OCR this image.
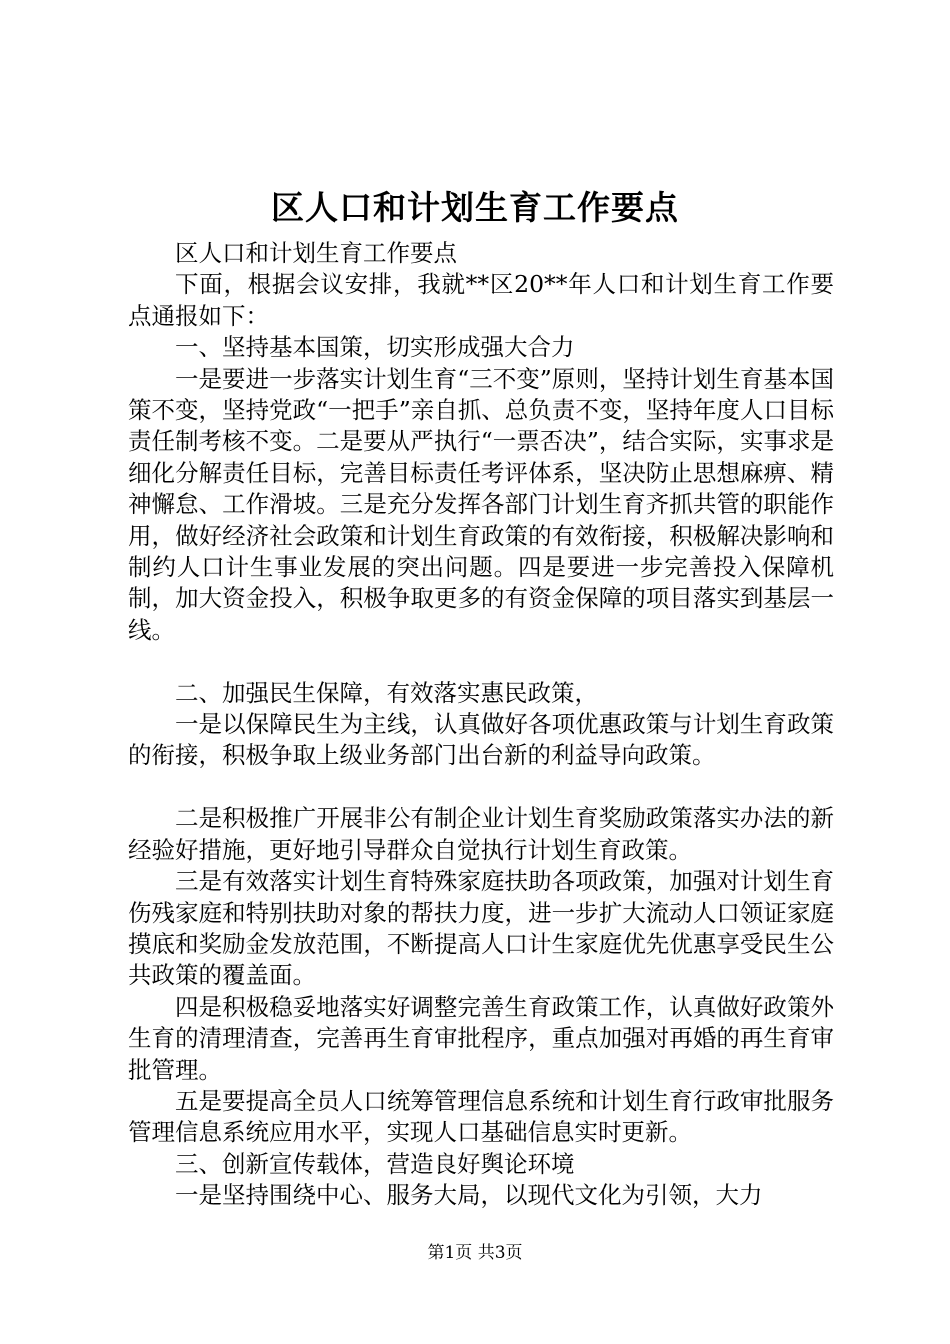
区人口和计划生育工作要点

区人口和计划生育工作要点

下面，根据会议安排，我就**区20**年人口和计划生育工作要点通报如下：

一、坚持基本国策，切实形成强大合力

一是要进一步落实计划生育“三不变”原则，坚持计划生育基本国策不变，坚持党政“一把手”亲自抓、总负责不变，坚持年度人口目标责任制考核不变。二是要从严执行“一票否决”，结合实际，实事求是细化分解责任目标，完善目标责任考评体系，坚决防止思想麻痹、精神懈怠、工作滑坡。三是充分发挥各部门计划生育齐抓共管的职能作用，做好经济社会政策和计划生育政策的有效衔接，积极解决影响和制约人口计生事业发展的突出问题。四是要进一步完善投入保障机制，加大资金投入，积极争取更多的有资金保障的项目落实到基层一线。

二、加强民生保障，有效落实惠民政策，

一是以保障民生为主线，认真做好各项优惠政策与计划生育政策的衔接，积极争取上级业务部门出台新的利益导向政策。

二是积极推广开展非公有制企业计划生育奖励政策落实办法的新经验好措施，更好地引导群众自觉执行计划生育政策。

三是有效落实计划生育特殊家庭扶助各项政策，加强对计划生育伤残家庭和特别扶助对象的帮扶力度，进一步扩大流动人口领证家庭摸底和奖励金发放范围，不断提高人口计生家庭优先优惠享受民生公共政策的覆盖面。

四是积极稳妥地落实好调整完善生育政策工作，认真做好政策外生育的清理清查，完善再生育审批程序，重点加强对再婚的再生育审批管理。

五是要提高全员人口统筹管理信息系统和计划生育行政审批服务管理信息系统应用水平，实现人口基础信息实时更新。

三、创新宣传载体，营造良好舆论环境

一是坚持围绕中心、服务大局，以现代文化为引领，大力

第1页 共3页
